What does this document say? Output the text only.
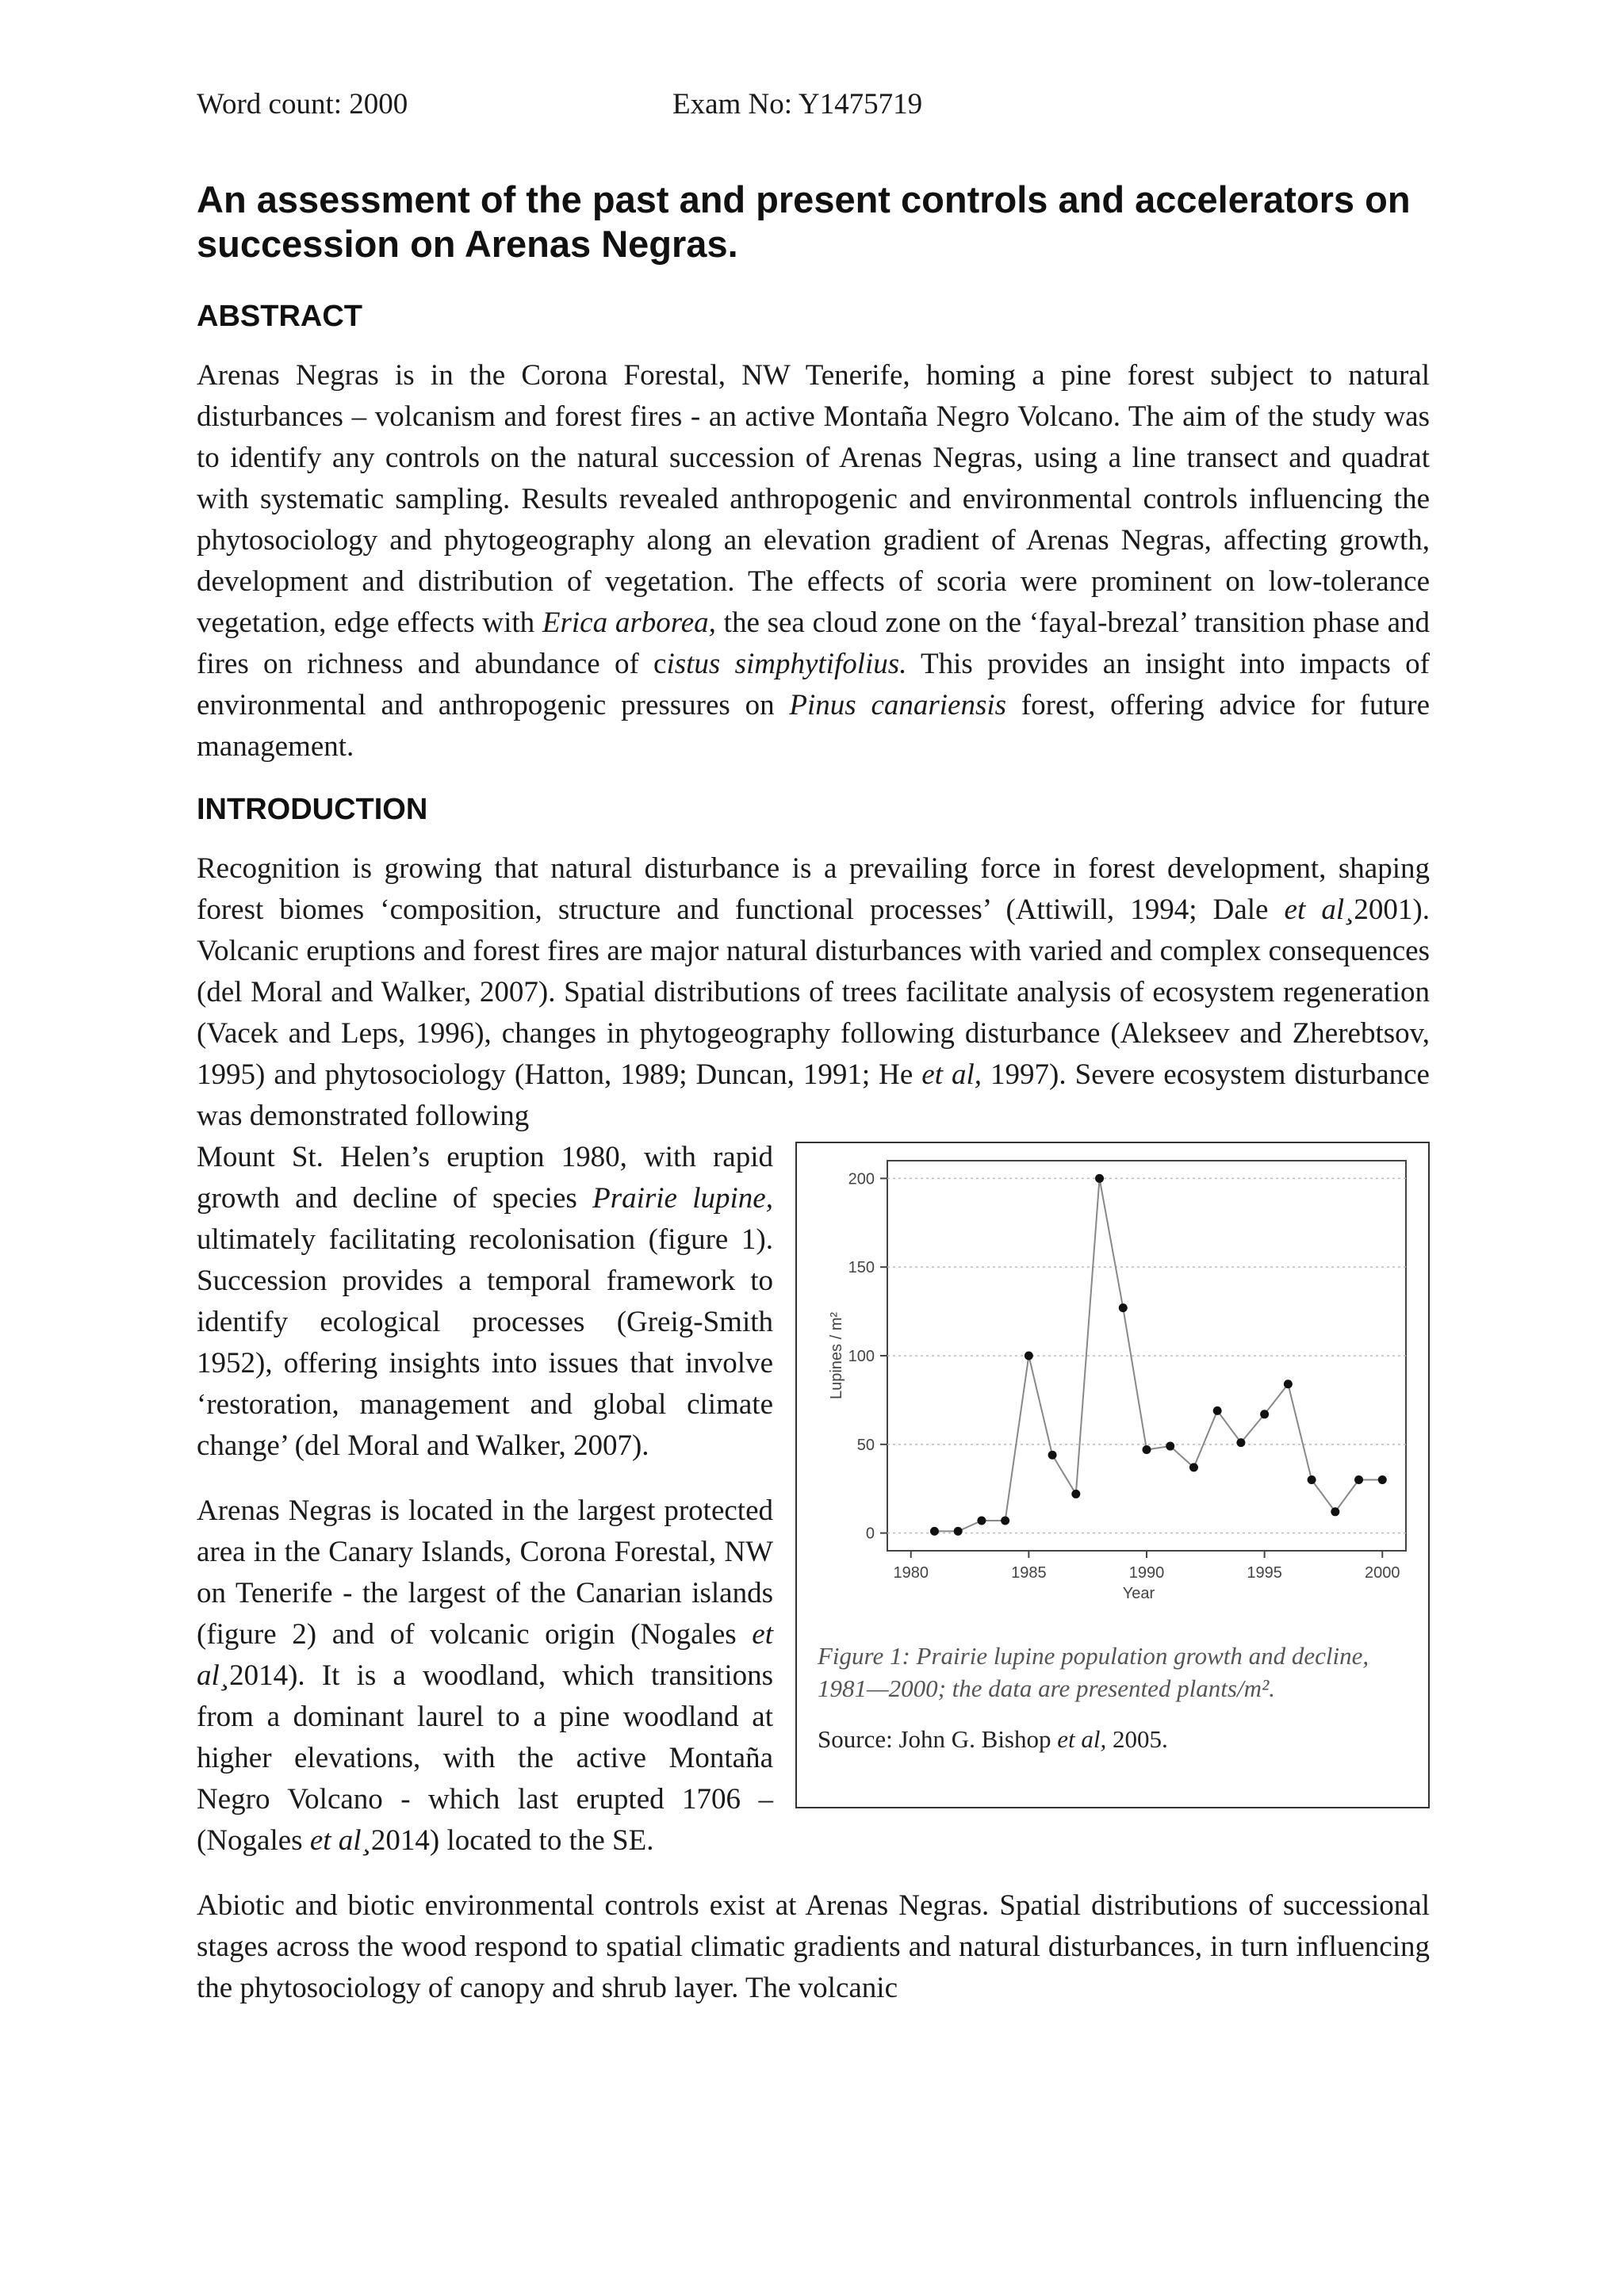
Word count: 2000	Exam No: Y1475719
An assessment of the past and present controls and accelerators on succession on Arenas Negras.
ABSTRACT

Arenas Negras is in the Corona Forestal, NW Tenerife, homing a pine forest subject to natural disturbances – volcanism and forest fires - an active Montaña Negro Volcano. The aim of the study was to identify any controls on the natural succession of Arenas Negras, using a line transect and quadrat with systematic sampling. Results revealed anthropogenic and environmental controls influencing the phytosociology and phytogeography along an elevation gradient of Arenas Negras, affecting growth, development and distribution of vegetation. The effects of scoria were prominent on low-tolerance vegetation, edge effects with Erica arborea, the sea cloud zone on the ‘fayal-brezal’ transition phase and fires on richness and abundance of cistus simphytifolius. This provides an insight into impacts of environmental and anthropogenic pressures on Pinus canariensis forest, offering advice for future management.

INTRODUCTION

Recognition is growing that natural disturbance is a prevailing force in forest development, shaping forest biomes ‘composition, structure and functional processes’ (Attiwill, 1994; Dale et al¸2001). Volcanic eruptions and forest fires are major natural disturbances with varied and complex consequences (del Moral and Walker, 2007). Spatial distributions of trees facilitate analysis of ecosystem regeneration (Vacek and Leps, 1996), changes in phytogeography following disturbance (Alekseev and Zherebtsov, 1995) and phytosociology (Hatton, 1989; Duncan, 1991; He et al, 1997). Severe ecosystem disturbance was demonstrated following

0
50
100
150
200
1980	1985	1990	1995	2000
Year
Lupines / m²
Figure 1: Prairie lupine population growth and decline, 1981—2000; the data are presented plants/m².
Source: John G. Bishop et al, 2005.

Mount St. Helen’s eruption 1980, with rapid growth and decline of species Prairie lupine, ultimately facilitating recolonisation (figure 1). Succession provides a temporal framework to identify ecological processes (Greig-Smith 1952), offering insights into issues that involve ‘restoration, management and global climate change’ (del Moral and Walker, 2007).

Arenas Negras is located in the largest protected area in the Canary Islands, Corona Forestal, NW on Tenerife - the largest of the Canarian islands (figure 2) and of volcanic origin (Nogales et al¸2014). It is a woodland, which transitions from a dominant laurel to a pine woodland at higher elevations, with the active Montaña Negro Volcano - which last erupted 1706 – (Nogales et al¸2014) located to the SE.

Abiotic and biotic environmental controls exist at Arenas Negras. Spatial distributions of successional stages across the wood respond to spatial climatic gradients and natural disturbances, in turn influencing the phytosociology of canopy and shrub layer. The volcanic
